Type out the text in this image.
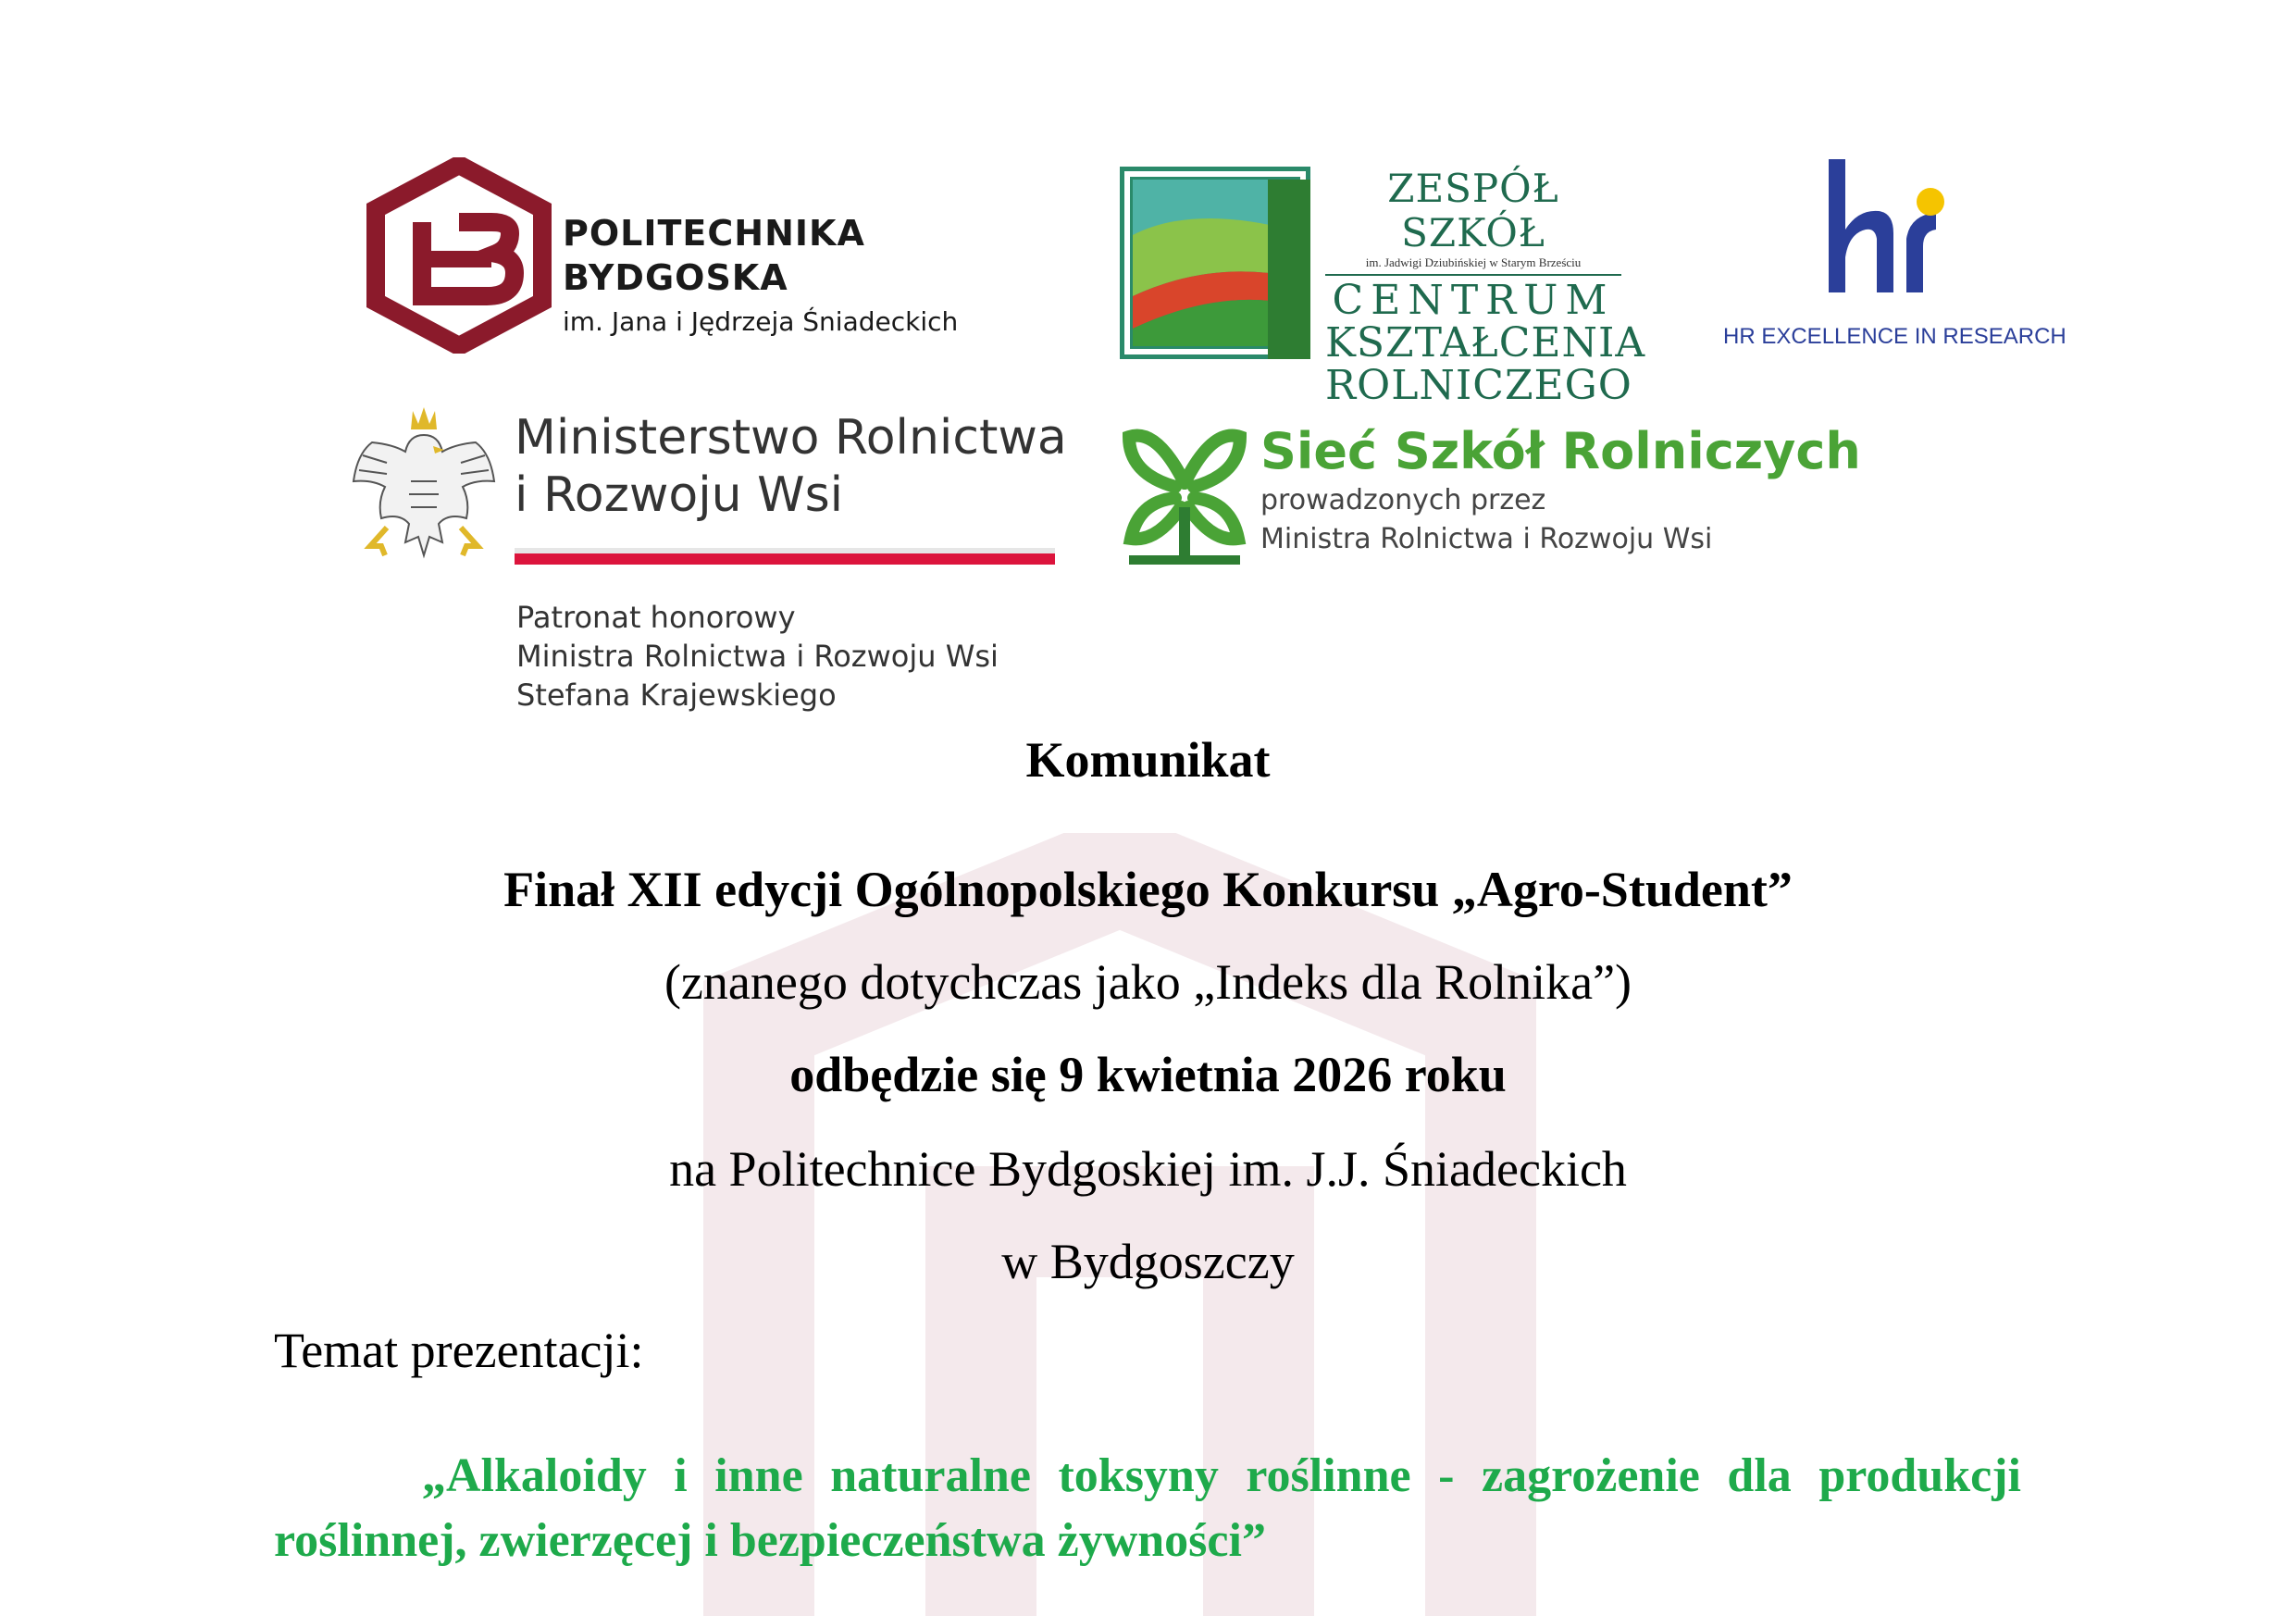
POLITECHNIKA
BYDGOSKA
im. Jana i Jędrzeja Śniadeckich
ZESPÓŁ SZKÓŁ
im. Jadwigi Dziubińskiej w Starym Brześciu
CENTRUM
KSZTAŁCENIA
ROLNICZEGO
HR EXCELLENCE IN RESEARCH
Ministerstwo Rolnictwa
i Rozwoju Wsi
Patronat honorowy
Ministra Rolnictwa i Rozwoju Wsi
Stefana Krajewskiego
Sieć Szkół Rolniczych
prowadzonych przez
Ministra Rolnictwa i Rozwoju Wsi
Komunikat
Finał XII edycji Ogólnopolskiego Konkursu „Agro-Student”
(znanego dotychczas jako „Indeks dla Rolnika”)
odbędzie się 9 kwietnia 2026 roku
na Politechnice Bydgoskiej im. J.J. Śniadeckich
w Bydgoszczy
Temat prezentacji:
„Alkaloidy i inne naturalne toksyny roślinne - zagrożenie dla produkcji roślinnej, zwierzęcej i bezpieczeństwa żywności”
